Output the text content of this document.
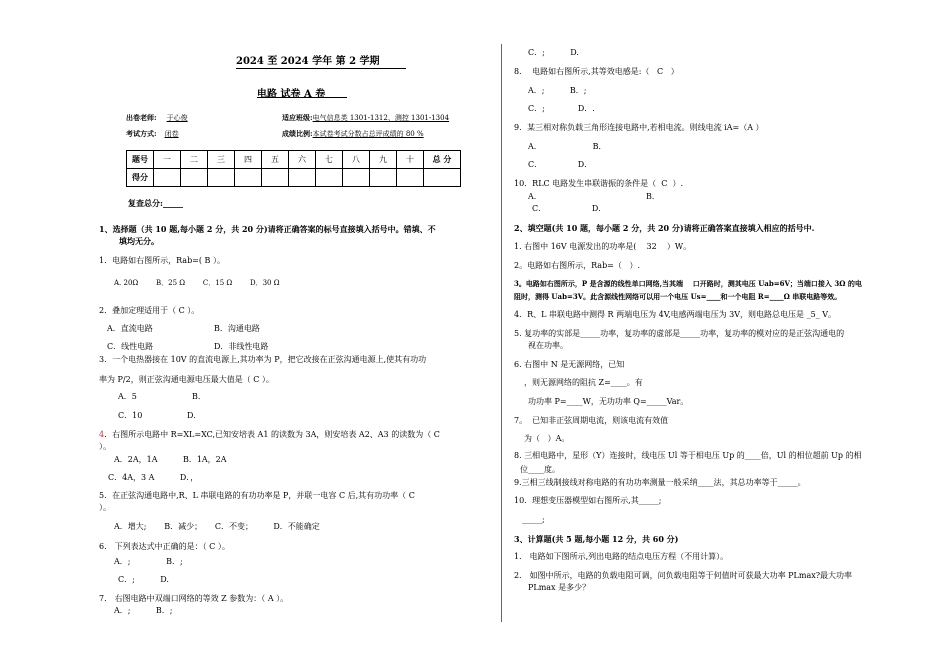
2024 至 2024 学年 第 2 学期
电路 试卷 A 卷
出卷老师: 于心俊	适应班级:电气信息类 1301-1312、测控 1301-1304
考试方式: 闭卷	成绩比例:本试卷考试分数占总评成绩的 80 %
题号	一	二	三	四	五	六	七	八	九	十	总 分
得分											
复查总分:_____
1、选择题（共 10 题,每小题 2 分，共 20 分)请将正确答案的标号直接填入括号中。错填、不
填均无分。
1．电路如右图所示，Rab=( B ）。
A. 20Ω        B．25 Ω        C．15 Ω        D．30 Ω
2．叠加定理适用于（ C ）。
A．直流电路	B．沟通电路
C．线性电路	D．非线性电路
3．一个电热器接在 10V 的直流电源上,其功率为 P，把它改接在正弦沟通电源上,使其有功功
率为 P/2，则正弦沟通电源电压最大值是（ C ）。
A．5	B．
C．10	D．
4．右图所示电路中 R=XL=XC,已知安培表 A1 的读数为 3A，则安培表 A2、A3 的读数为（ C
）。
A．2A，1A          B．1A，2A
C．4A，3 A          D．，
5．在正弦沟通电路中,R、L 串联电路的有功功率是 P，并联一电容 C 后,其有功功率（ C
）。
A．增大;       B．减少；     C．不变；        D．不能确定
6． 下列表达式中正确的是：（ C ）。
A．;              B．;
C．;          D.
7． 右图电路中双端口网络的等效 Z 参数为：（ A ）。
A．;          B．;
C．;          D.
8．  电路如右图所示,其等效电感是:（   C   ）
A．;          B．;
C．;             D．.
9．某三相对称负载三角形连接电路中,若相电流。则线电流 iA=（A ）
A．                    B．
C．              D．
10．RLC 电路发生串联谐振的条件是（  C  ）.
A．                                         B．
C．                  D．
2、填空题(共 10 题，每小题 2 分，共 20 分)请将正确答案直接填入相应的括号中.
1. 右图中 16V 电源发出的功率是(    32    ）W。
2。电路如右图所示，Rab=（   ）.
3。电路如右图所示，P 是含源的线性单口网络,当其端    口开路时，测其电压 Uab=6V；当端口接入 3Ω 的电
阻时，测得 Uab=3V。此含源线性网络可以用一个电压 Us=____和一个电阻 R=____Ω 串联电路等效。
4．R、L 串联电路中测得 R 两端电压为 4V,电感两端电压为 3V，则电路总电压是 _5_ V。
5. 复功率的实部是_____功率，复功率的虚部是_____功率，复功率的模对应的是正弦沟通电的
视在功率。
6. 右图中 N 是无源网络，已知
，则无源网络的阻抗 Z=____。有
功功率 P=____W，无功功率 Q=_____Var。
7。  已知非正弦周期电流，则该电流有效值
为（   ）A。
8. 三相电路中，星形（Y）连接时，线电压 Ul 等于相电压 Up 的____倍，Ul 的相位超前 Up 的相
位____度。
9.三相三线制接线对称电路的有功功率测量一般采纳____法，其总功率等于_____。
10．理想变压器模型如右图所示,其_____;
_____;
3、计算题(共 5 题,每小题 12 分，共 60 分)
1． 电路如下图所示,列出电路的结点电压方程（不用计算）。
2． 如图中所示，电路的负载电阻可调，问负载电阻等于何值时可获最大功率 PLmax?最大功率
PLmax 是多少？
